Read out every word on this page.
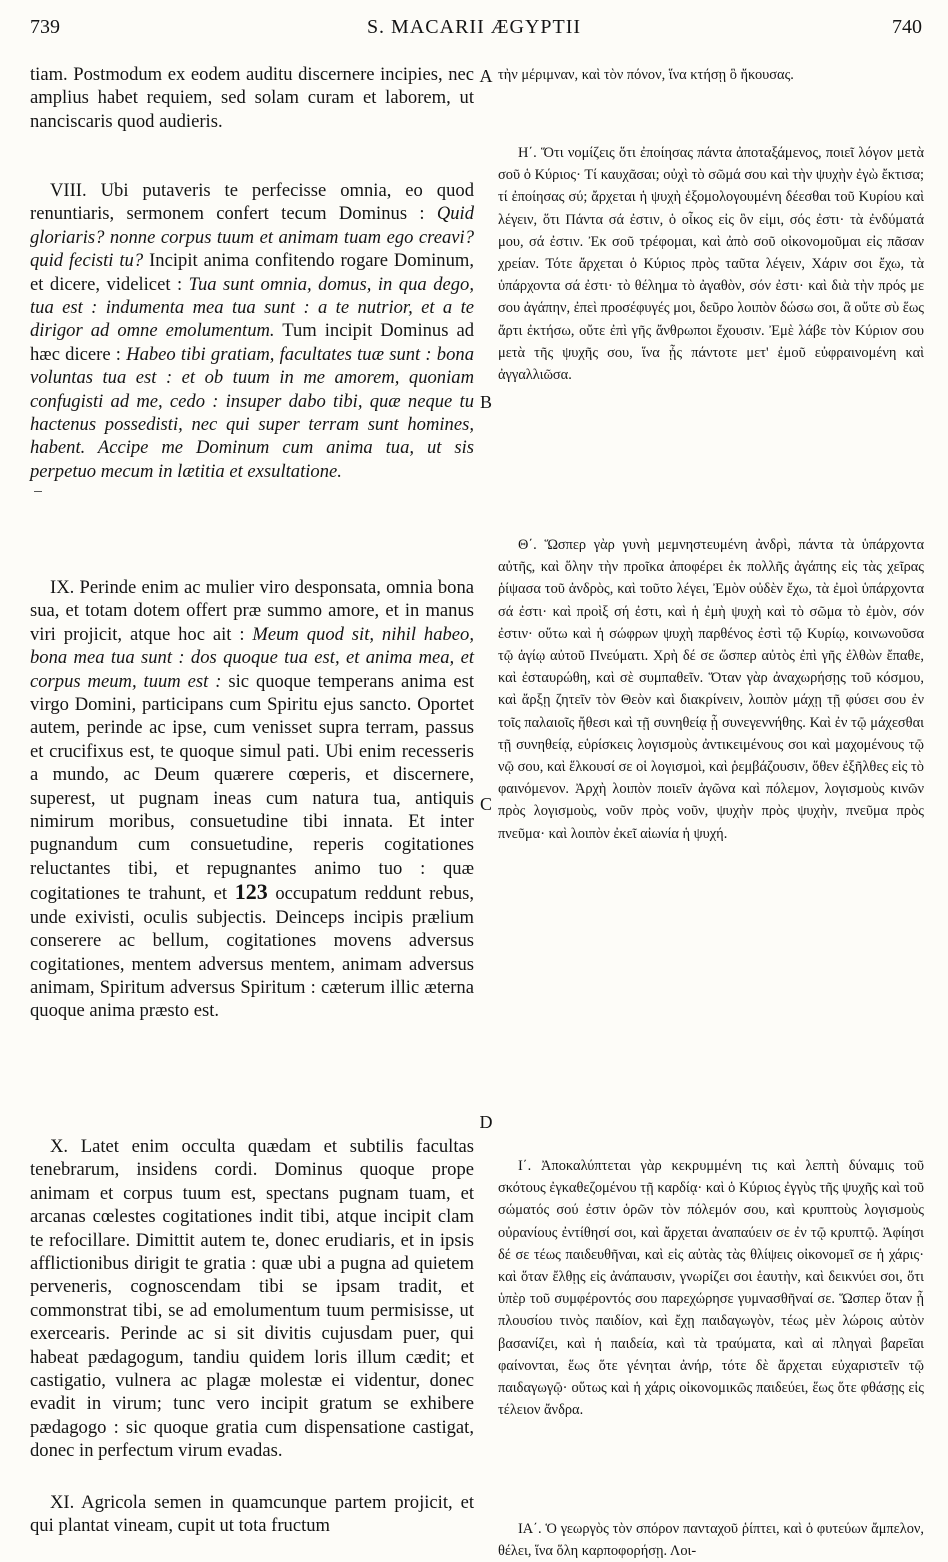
739	S. MACARII ÆGYPTII	740

tiam. Postmodum ex eodem auditu discernere incipies, nec amplius habet requiem, sed solam curam et laborem, ut nanciscaris quod audieris.

VIII. Ubi putaveris te perfecisse omnia, eo quod renuntiaris, sermonem confert tecum Dominus : Quid gloriaris? nonne corpus tuum et animam tuam ego creavi? quid fecisti tu? Incipit anima confitendo rogare Dominum, et dicere, videlicet : Tua sunt omnia, domus, in qua dego, tua est : indumenta mea tua sunt : a te nutrior, et a te dirigor ad omne emolumentum. Tum incipit Dominus ad hæc dicere : Habeo tibi gratiam, facultates tuæ sunt : bona voluntas tua est : et ob tuum in me amorem, quoniam confugisti ad me, cedo : insuper dabo tibi, quæ neque tu hactenus possedisti, nec qui super terram sunt homines, habent. Accipe me Dominum cum anima tua, ut sis perpetuo mecum in lætitia et exsultatione.

IX. Perinde enim ac mulier viro desponsata, omnia bona sua, et totam dotem offert præ summo amore, et in manus viri projicit, atque hoc ait : Meum quod sit, nihil habeo, bona mea tua sunt : dos quoque tua est, et anima mea, et corpus meum, tuum est : sic quoque temperans anima est virgo Domini, participans cum Spiritu ejus sancto. Oportet autem, perinde ac ipse, cum venisset supra terram, passus et crucifixus est, te quoque simul pati. Ubi enim recesseris a mundo, ac Deum quærere cœperis, et discernere, superest, ut pugnam ineas cum natura tua, antiquis nimirum moribus, consuetudine tibi innata. Et inter pugnandum cum consuetudine, reperis cogitationes reluctantes tibi, et repugnantes animo tuo : quæ cogitationes te trahunt, et 123 occupatum reddunt rebus, unde exivisti, oculis subjectis. Deinceps incipis prælium conserere ac bellum, cogitationes movens adversus cogitationes, mentem adversus mentem, animam adversus animam, Spiritum adversus Spiritum : cæterum illic æterna quoque anima præsto est.

X. Latet enim occulta quædam et subtilis facultas tenebrarum, insidens cordi. Dominus quoque prope animam et corpus tuum est, spectans pugnam tuam, et arcanas cœlestes cogitationes indit tibi, atque incipit clam te refocillare. Dimittit autem te, donec erudiaris, et in ipsis afflictionibus dirigit te gratia : quæ ubi a pugna ad quietem perveneris, cognoscendam tibi se ipsam tradit, et commonstrat tibi, se ad emolumentum tuum permisisse, ut exercearis. Perinde ac si sit divitis cujusdam puer, qui habeat pædagogum, tandiu quidem loris illum cædit; et castigatio, vulnera ac plagæ molestæ ei videntur, donec evadit in virum; tunc vero incipit gratum se exhibere pædagogo : sic quoque gratia cum dispensatione castigat, donec in perfectum virum evadas.

XI. Agricola semen in quamcunque partem projicit, et qui plantat vineam, cupit ut tota fructum

A
B
C
D

τὴν μέριμναν, καὶ τὸν πόνον, ἵνα κτήσῃ ὃ ἤκουσας.

Η΄. Ὅτι νομίζεις ὅτι ἐποίησας πάντα ἀποταξάμενος, ποιεῖ λόγον μετὰ σοῦ ὁ Κύριος· Τί καυχᾶσαι; οὐχὶ τὸ σῶμά σου καὶ τὴν ψυχὴν ἐγὼ ἔκτισα; τί ἐποίησας σύ; ἄρχεται ἡ ψυχὴ ἐξομολογουμένη δέεσθαι τοῦ Κυρίου καὶ λέγειν, ὅτι Πάντα σά ἐστιν, ὁ οἶκος εἰς ὃν εἰμι, σός ἐστι· τὰ ἐνδύματά μου, σά ἐστιν. Ἐκ σοῦ τρέφομαι, καὶ ἀπὸ σοῦ οἰκονομοῦμαι εἰς πᾶσαν χρείαν. Τότε ἄρχεται ὁ Κύριος πρὸς ταῦτα λέγειν, Χάριν σοι ἔχω, τὰ ὑπάρχοντα σά ἐστι· τὸ θέλημα τὸ ἀγαθὸν, σόν ἐστι· καὶ διὰ τὴν πρός με σου ἀγάπην, ἐπεὶ προσέφυγές μοι, δεῦρο λοιπὸν δώσω σοι, ἃ οὔτε σὺ ἕως ἄρτι ἐκτήσω, οὔτε ἐπὶ γῆς ἄνθρωποι ἔχουσιν. Ἐμὲ λάβε τὸν Κύριον σου μετὰ τῆς ψυχῆς σου, ἵνα ᾖς πάντοτε μετ' ἐμοῦ εὐφραινομένη καὶ ἀγγαλλιῶσα.

Θ΄. Ὥσπερ γὰρ γυνὴ μεμνηστευμένη ἀνδρὶ, πάντα τὰ ὑπάρχοντα αὐτῆς, καὶ ὅλην τὴν προῖκα ἀποφέρει ἐκ πολλῆς ἀγάπης εἰς τὰς χεῖρας ῥίψασα τοῦ ἀνδρὸς, καὶ τοῦτο λέγει, Ἐμὸν οὐδὲν ἔχω, τὰ ἐμοὶ ὑπάρχοντα σά ἐστι· καὶ προὶξ σή ἐστι, καὶ ἡ ἐμὴ ψυχὴ καὶ τὸ σῶμα τὸ ἐμὸν, σόν ἐστιν· οὕτω καὶ ἡ σώφρων ψυχὴ παρθένος ἐστὶ τῷ Κυρίῳ, κοινωνοῦσα τῷ ἁγίῳ αὐτοῦ Πνεύματι. Χρὴ δέ σε ὥσπερ αὐτὸς ἐπὶ γῆς ἐλθὼν ἔπαθε, καὶ ἐσταυρώθη, καὶ σὲ συμπαθεῖν. Ὅταν γὰρ ἀναχωρήσῃς τοῦ κόσμου, καὶ ἄρξῃ ζητεῖν τὸν Θεὸν καὶ διακρίνειν, λοιπὸν μάχῃ τῇ φύσει σου ἐν τοῖς παλαιοῖς ἤθεσι καὶ τῇ συνηθείᾳ ᾗ συνεγεννήθης. Καὶ ἐν τῷ μάχεσθαι τῇ συνηθείᾳ, εὑρίσκεις λογισμοὺς ἀντικειμένους σοι καὶ μαχομένους τῷ νῷ σου, καὶ ἕλκουσί σε οἱ λογισμοὶ, καὶ ῥεμβάζουσιν, ὅθεν ἐξῆλθες εἰς τὸ φαινόμενον. Ἀρχὴ λοιπὸν ποιεῖν ἀγῶνα καὶ πόλεμον, λογισμοὺς κινῶν πρὸς λογισμοὺς, νοῦν πρὸς νοῦν, ψυχὴν πρὸς ψυχὴν, πνεῦμα πρὸς πνεῦμα· καὶ λοιπὸν ἐκεῖ αἰωνία ἡ ψυχή.

Ι΄. Ἀποκαλύπτεται γὰρ κεκρυμμένη τις καὶ λεπτὴ δύναμις τοῦ σκότους ἐγκαθεζομένου τῇ καρδίᾳ· καὶ ὁ Κύριος ἐγγὺς τῆς ψυχῆς καὶ τοῦ σώματός σού ἐστιν ὁρῶν τὸν πόλεμόν σου, καὶ κρυπτοὺς λογισμοὺς οὐρανίους ἐντίθησί σοι, καὶ ἄρχεται ἀναπαύειν σε ἐν τῷ κρυπτῷ. Ἀφίησι δέ σε τέως παιδευθῆναι, καὶ εἰς αὐτὰς τὰς θλίψεις οἰκονομεῖ σε ἡ χάρις· καὶ ὅταν ἔλθῃς εἰς ἀνάπαυσιν, γνωρίζει σοι ἑαυτὴν, καὶ δεικνύει σοι, ὅτι ὑπὲρ τοῦ συμφέροντός σου παρεχώρησε γυμνασθῆναί σε. Ὥσπερ ὅταν ᾖ πλουσίου τινὸς παιδίον, καὶ ἔχῃ παιδαγωγὸν, τέως μὲν λώροις αὐτὸν βασανίζει, καὶ ἡ παιδεία, καὶ τὰ τραύματα, καὶ αἱ πληγαὶ βαρεῖαι φαίνονται, ἕως ὅτε γένηται ἀνήρ, τότε δὲ ἄρχεται εὐχαριστεῖν τῷ παιδαγωγῷ· οὕτως καὶ ἡ χάρις οἰκονομικῶς παιδεύει, ἕως ὅτε φθάσῃς εἰς τέλειον ἄνδρα.

ΙΑ΄. Ὁ γεωργὸς τὸν σπόρον πανταχοῦ ῥίπτει, καὶ ὁ φυτεύων ἄμπελον, θέλει, ἵνα ὅλη καρποφορήσῃ. Λοι-
